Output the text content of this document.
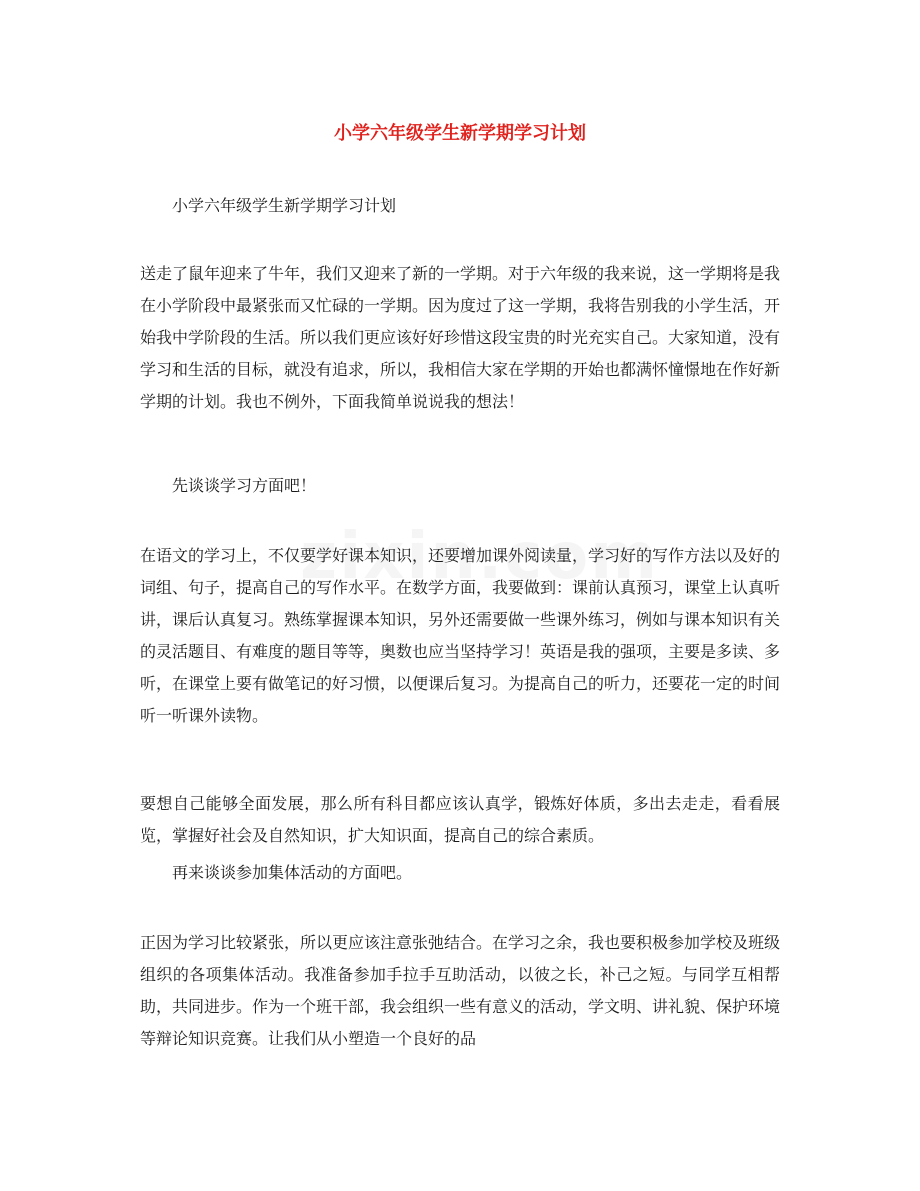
小学六年级学生新学期学习计划

小学六年级学生新学期学习计划

送走了鼠年迎来了牛年，我们又迎来了新的一学期。对于六年级的我来说，这一学期将是我在小学阶段中最紧张而又忙碌的一学期。因为度过了这一学期，我将告别我的小学生活，开始我中学阶段的生活。所以我们更应该好好珍惜这段宝贵的时光充实自己。大家知道，没有学习和生活的目标，就没有追求，所以，我相信大家在学期的开始也都满怀憧憬地在作好新学期的计划。我也不例外，下面我简单说说我的想法！

先谈谈学习方面吧！

在语文的学习上，不仅要学好课本知识，还要增加课外阅读量，学习好的写作方法以及好的词组、句子，提高自己的写作水平。在数学方面，我要做到：课前认真预习，课堂上认真听讲，课后认真复习。熟练掌握课本知识，另外还需要做一些课外练习，例如与课本知识有关的灵活题目、有难度的题目等等，奥数也应当坚持学习！英语是我的强项，主要是多读、多听，在课堂上要有做笔记的好习惯，以便课后复习。为提高自己的听力，还要花一定的时间听一听课外读物。

要想自己能够全面发展，那么所有科目都应该认真学，锻炼好体质，多出去走走，看看展览，掌握好社会及自然知识，扩大知识面，提高自己的综合素质。

再来谈谈参加集体活动的方面吧。

正因为学习比较紧张，所以更应该注意张弛结合。在学习之余，我也要积极参加学校及班级组织的各项集体活动。我准备参加手拉手互助活动，以彼之长，补己之短。与同学互相帮助，共同进步。作为一个班干部，我会组织一些有意义的活动，学文明、讲礼貌、保护环境等辩论知识竞赛。让我们从小塑造一个良好的品
